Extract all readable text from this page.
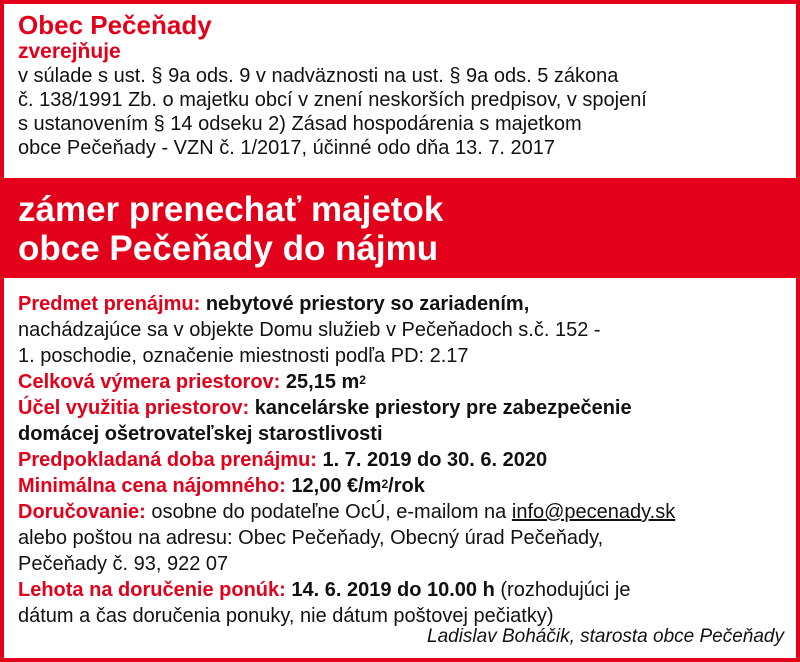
Obec Pečeňady
zverejňuje
v súlade s ust. § 9a ods. 9 v nadväznosti na ust. § 9a ods. 5 zákona
č. 138/1991 Zb. o majetku obcí v znení neskorších predpisov, v spojení
s ustanovením § 14 odseku 2) Zásad hospodárenia s majetkom
obce Pečeňady - VZN č. 1/2017, účinné odo dňa 13. 7. 2017
zámer prenechať majetok
obce Pečeňady do nájmu
Predmet prenájmu: nebytové priestory so zariadením,
nachádzajúce sa v objekte Domu služieb v Pečeňadoch s.č. 152 -
1. poschodie, označenie miestnosti podľa PD: 2.17
Celková výmera priestorov: 25,15 $m^2$
Účel využitia priestorov: kancelárske priestory pre zabezpečenie
domácej ošetrovateľskej starostlivosti
Predpokladaná doba prenájmu: 1. 7. 2019 do 30. 6. 2020
Minimálna cena nájomného: 12,00 $€/m^2$/rok
Doručovanie: osobne do podateľne OcÚ, e-mailom na info@pecenady.sk
alebo poštou na adresu: Obec Pečeňady, Obecný úrad Pečeňady,
Pečeňady č. 93, 922 07
Lehota na doručenie ponúk: 14. 6. 2019 do 10.00 h (rozhodujúci je
dátum a čas doručenia ponuky, nie dátum poštovej pečiatky)
Ladislav Boháčik, starosta obce Pečeňady
